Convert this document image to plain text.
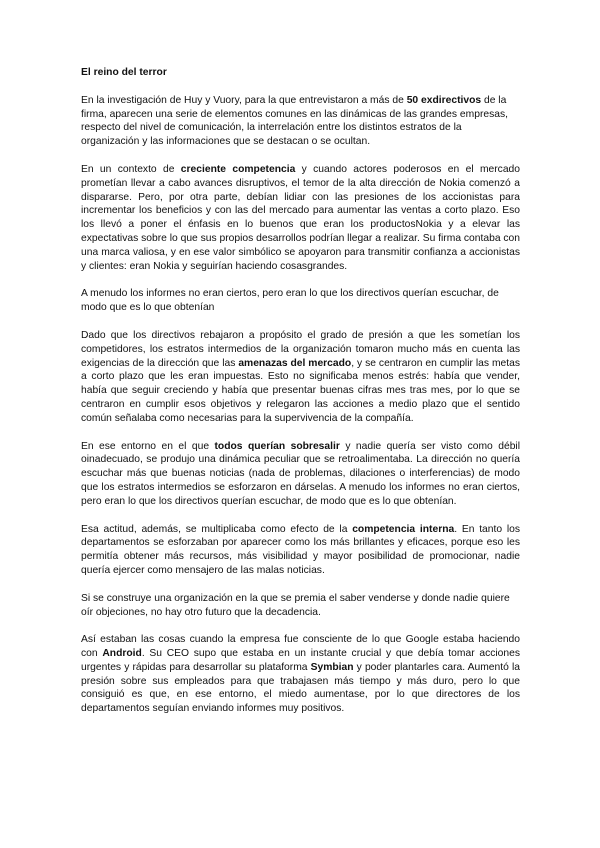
El reino del terror

En la investigación de Huy y Vuory, para la que entrevistaron a más de 50 exdirectivos de la firma, aparecen una serie de elementos comunes en las dinámicas de las grandes empresas, respecto del nivel de comunicación, la interrelación entre los distintos estratos de la organización y las informaciones que se destacan o se ocultan.

En un contexto de creciente competencia y cuando actores poderosos en el mercado prometían llevar a cabo avances disruptivos, el temor de la alta dirección de Nokia comenzó a dispararse. Pero, por otra parte, debían lidiar con las presiones de los accionistas para incrementar los beneficios y con las del mercado para aumentar las ventas a corto plazo. Eso los llevó a poner el énfasis en lo buenos que eran los productosNokia y a elevar las expectativas sobre lo que sus propios desarrollos podrían llegar a realizar. Su firma contaba con una marca valiosa, y en ese valor simbólico se apoyaron para transmitir confianza a accionistas y clientes: eran Nokia y seguirían haciendo cosasgrandes.

A menudo los informes no eran ciertos, pero eran lo que los directivos querían escuchar, de modo que es lo que obtenían

Dado que los directivos rebajaron a propósito el grado de presión a que les sometían los competidores, los estratos intermedios de la organización tomaron mucho más en cuenta las exigencias de la dirección que las amenazas del mercado, y se centraron en cumplir las metas a corto plazo que les eran impuestas. Esto no significaba menos estrés: había que vender, había que seguir creciendo y había que presentar buenas cifras mes tras mes, por lo que se centraron en cumplir esos objetivos y relegaron las acciones a medio plazo que el sentido común señalaba como necesarias para la supervivencia de la compañía.

En ese entorno en el que todos querían sobresalir y nadie quería ser visto como débil oinadecuado, se produjo una dinámica peculiar que se retroalimentaba. La dirección no quería escuchar más que buenas noticias (nada de problemas, dilaciones o interferencias) de modo que los estratos intermedios se esforzaron en dárselas. A menudo los informes no eran ciertos, pero eran lo que los directivos querían escuchar, de modo que es lo que obtenían.

Esa actitud, además, se multiplicaba como efecto de la competencia interna. En tanto los departamentos se esforzaban por aparecer como los más brillantes y eficaces, porque eso les permitía obtener más recursos, más visibilidad y mayor posibilidad de promocionar, nadie quería ejercer como mensajero de las malas noticias.

Si se construye una organización en la que se premia el saber venderse y donde nadie quiere oír objeciones, no hay otro futuro que la decadencia.

Así estaban las cosas cuando la empresa fue consciente de lo que Google estaba haciendo con Android. Su CEO supo que estaba en un instante crucial y que debía tomar acciones urgentes y rápidas para desarrollar su plataforma Symbian y poder plantarles cara. Aumentó la presión sobre sus empleados para que trabajasen más tiempo y más duro, pero lo que consiguió es que, en ese entorno, el miedo aumentase, por lo que directores de los departamentos seguían enviando informes muy positivos.
